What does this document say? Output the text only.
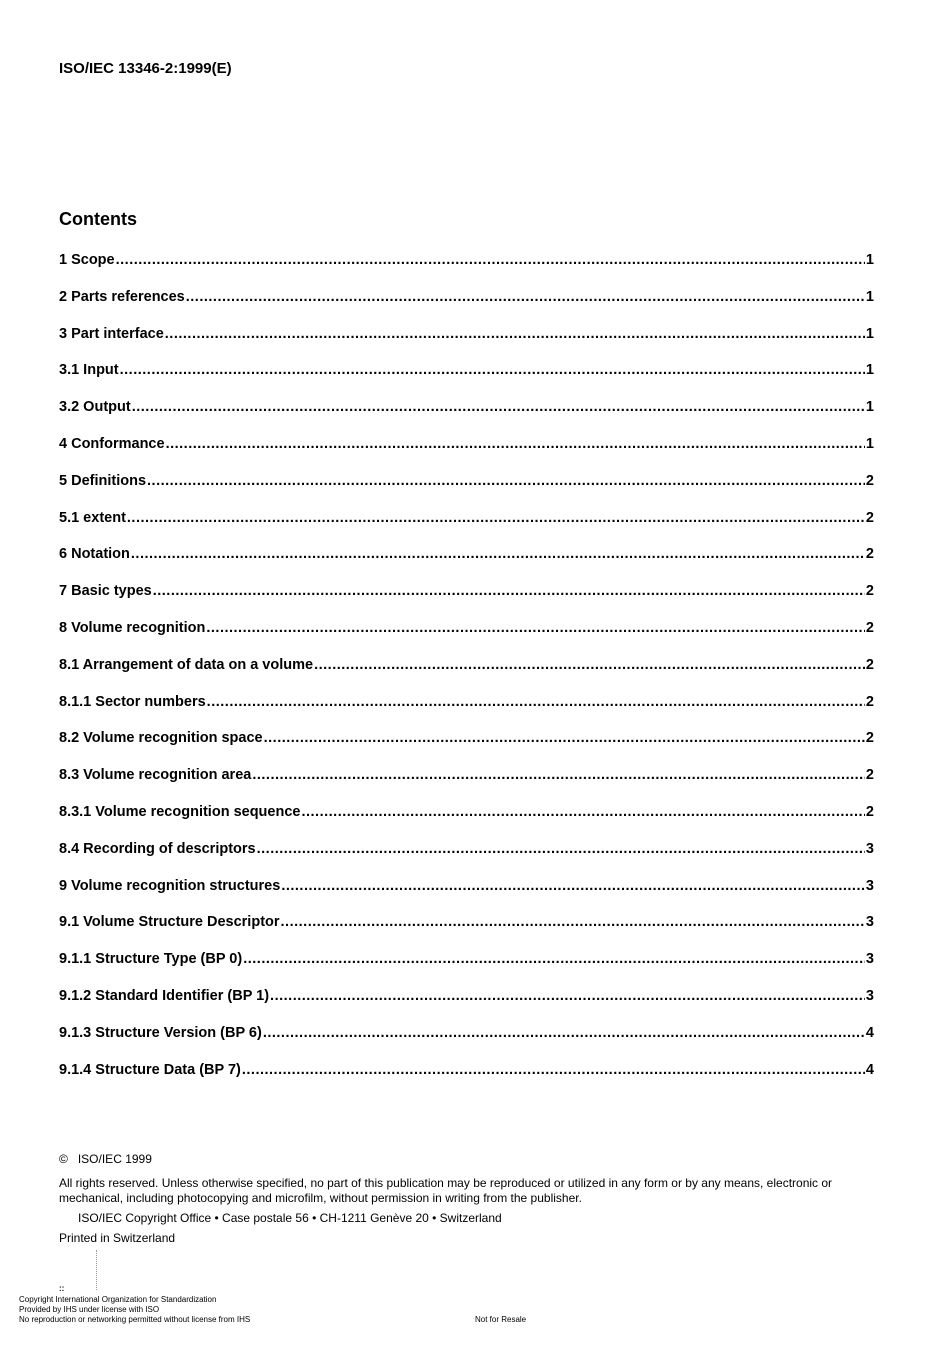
ISO/IEC 13346-2:1999(E)
Contents
1 Scope .....	1
2 Parts references .....	1
3 Part interface .....	1
3.1 Input .....	1
3.2 Output .....	1
4 Conformance .....	1
5 Definitions .....	2
5.1 extent .....	2
6 Notation .....	2
7 Basic types .....	2
8 Volume recognition .....	2
8.1 Arrangement of data on a volume .....	2
8.1.1 Sector numbers .....	2
8.2 Volume recognition space .....	2
8.3 Volume recognition area .....	2
8.3.1 Volume recognition sequence .....	2
8.4 Recording of descriptors .....	3
9 Volume recognition structures .....	3
9.1 Volume Structure Descriptor .....	3
9.1.1 Structure Type (BP 0) .....	3
9.1.2 Standard Identifier (BP 1) .....	3
9.1.3 Structure Version (BP 6) .....	4
9.1.4 Structure Data (BP 7) .....	4
© ISO/IEC 1999
All rights reserved. Unless otherwise specified, no part of this publication may be reproduced or utilized in any form or by any means, electronic or mechanical, including photocopying and microfilm, without permission in writing from the publisher.
ISO/IEC Copyright Office • Case postale 56 • CH-1211 Genève 20 • Switzerland
Printed in Switzerland
::
Copyright International Organization for Standardization
Provided by IHS under license with ISO
No reproduction or networking permitted without license from IHS	Not for Resale
